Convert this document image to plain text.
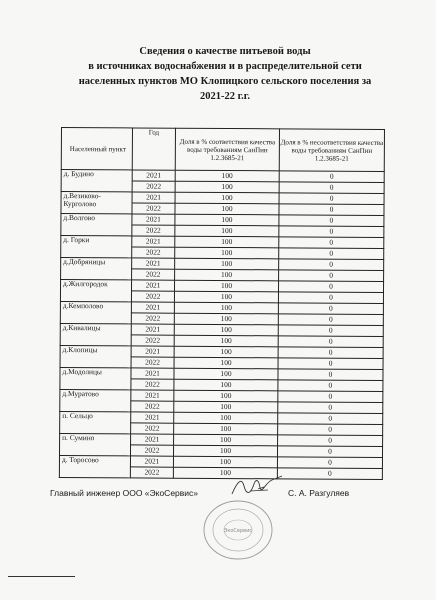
Сведения о качестве питьевой воды
в источниках водоснабжения и в распределительной сети
населенных пунктов МО Клопицкого сельского поселения за
2021-22 г.г.
Населенный пункт	Год	Доля в % соответствия качества воды требованиям СанПин 1.2.3685-21	Доля в % несоответствия качества воды требованиям СанПин 1.2.3685-21
д. Будино	2021	100	0
	2022	100	0
д.Везиково-Курголово	2021	100	0
	2022	100	0
д.Волгово	2021	100	0
	2022	100	0
д. Горки	2021	100	0
	2022	100	0
д.Добряницы	2021	100	0
	2022	100	0
д.Жилгородок	2021	100	0
	2022	100	0
д.Кемполово	2021	100	0
	2022	100	0
д.Кивалицы	2021	100	0
	2022	100	0
д.Клопицы	2021	100	0
	2022	100	0
д.Модолицы	2021	100	0
	2022	100	0
д.Муратово	2021	100	0
	2022	100	0
п. Сельцо	2021	100	0
	2022	100	0
п. Сумино	2021	100	0
	2022	100	0
д. Торосово	2021	100	0
	2022	100	0
Главный инженер ООО «ЭкоСервис»	С. А. Разгуляев
ЭкоСервис
